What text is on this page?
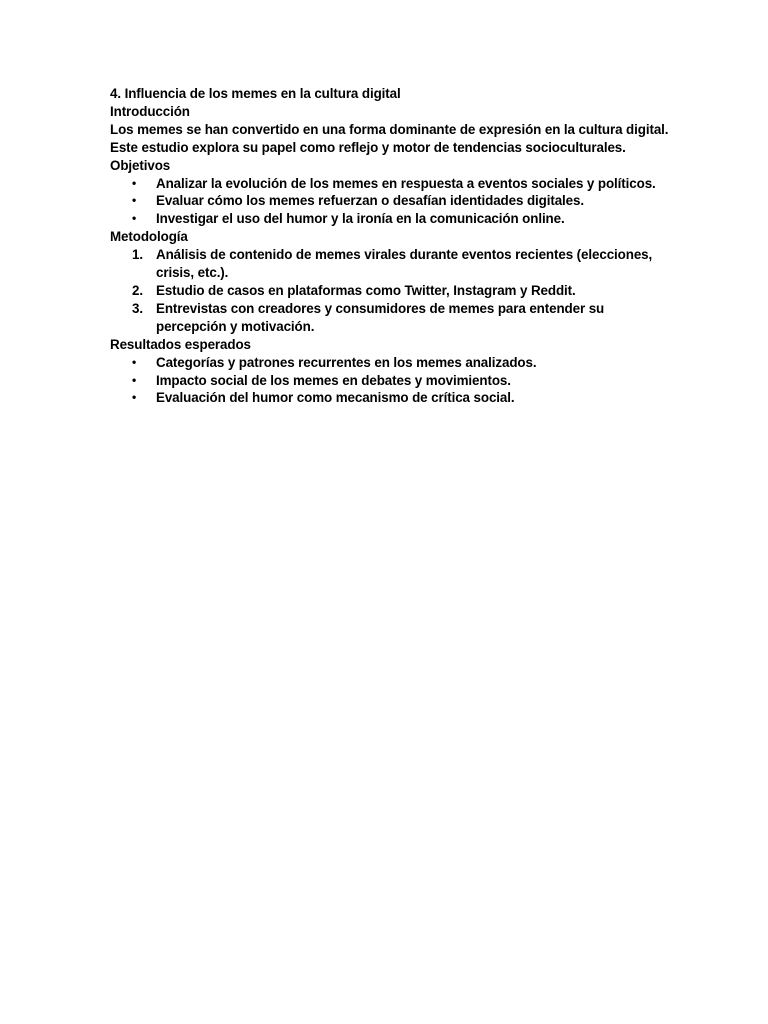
4. Influencia de los memes en la cultura digital

Introducción

Los memes se han convertido en una forma dominante de expresión en la cultura digital. Este estudio explora su papel como reflejo y motor de tendencias socioculturales.

Objetivos

• Analizar la evolución de los memes en respuesta a eventos sociales y políticos.
• Evaluar cómo los memes refuerzan o desafían identidades digitales.
• Investigar el uso del humor y la ironía en la comunicación online.

Metodología

1. Análisis de contenido de memes virales durante eventos recientes (elecciones, crisis, etc.).
2. Estudio de casos en plataformas como Twitter, Instagram y Reddit.
3. Entrevistas con creadores y consumidores de memes para entender su percepción y motivación.

Resultados esperados

• Categorías y patrones recurrentes en los memes analizados.
• Impacto social de los memes en debates y movimientos.
• Evaluación del humor como mecanismo de crítica social.
